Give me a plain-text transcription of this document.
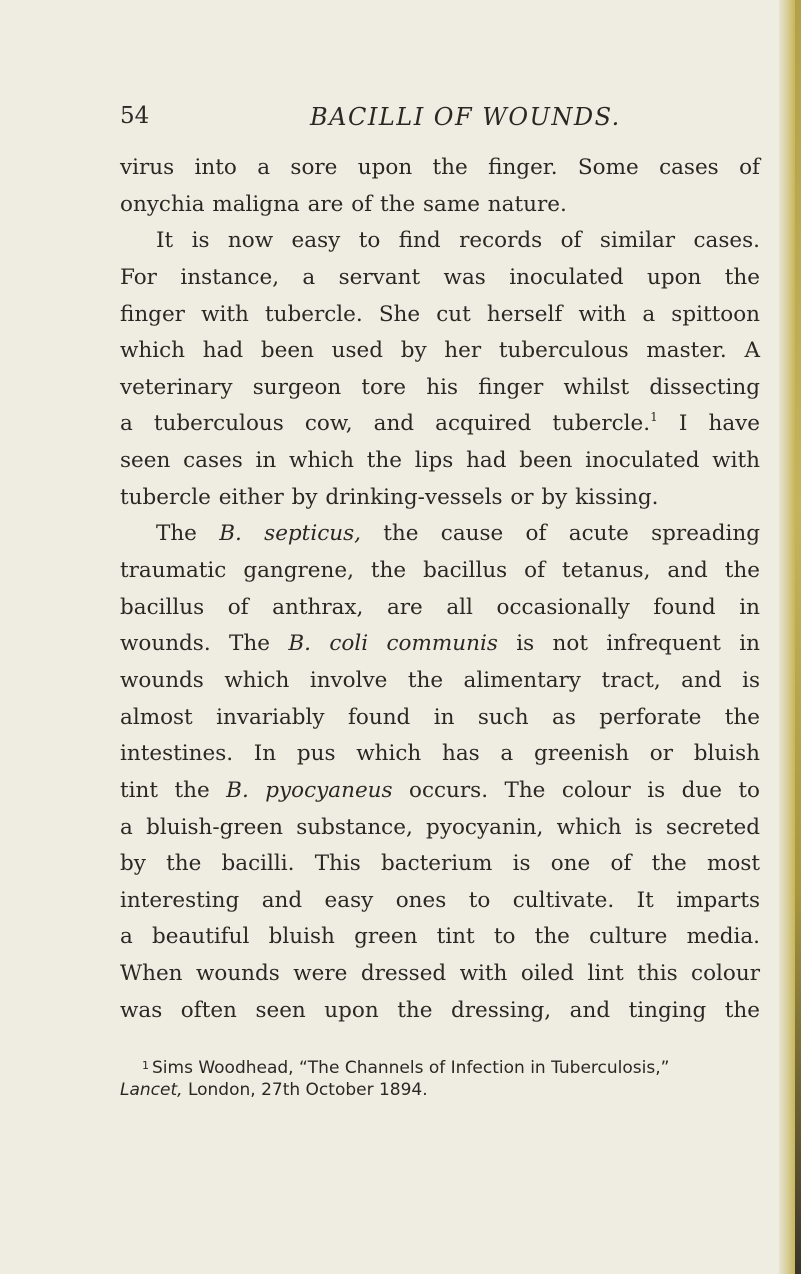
54	BACILLI OF WOUNDS.
virus into a sore upon the finger. Some cases of
onychia maligna are of the same nature.
It is now easy to find records of similar cases.
For instance, a servant was inoculated upon the
finger with tubercle. She cut herself with a spittoon
which had been used by her tuberculous master. A
veterinary surgeon tore his finger whilst dissecting
a tuberculous cow, and acquired tubercle.$^1$ I have
seen cases in which the lips had been inoculated with
tubercle either by drinking-vessels or by kissing.
The B. septicus, the cause of acute spreading
traumatic gangrene, the bacillus of tetanus, and the
bacillus of anthrax, are all occasionally found in
wounds. The B. coli communis is not infrequent in
wounds which involve the alimentary tract, and is
almost invariably found in such as perforate the
intestines. In pus which has a greenish or bluish
tint the B. pyocyaneus occurs. The colour is due to
a bluish-green substance, pyocyanin, which is secreted
by the bacilli. This bacterium is one of the most
interesting and easy ones to cultivate. It imparts
a beautiful bluish green tint to the culture media.
When wounds were dressed with oiled lint this colour
was often seen upon the dressing, and tinging the
$^1$ Sims Woodhead, “The Channels of Infection in Tuberculosis,”
Lancet, London, 27th October 1894.
